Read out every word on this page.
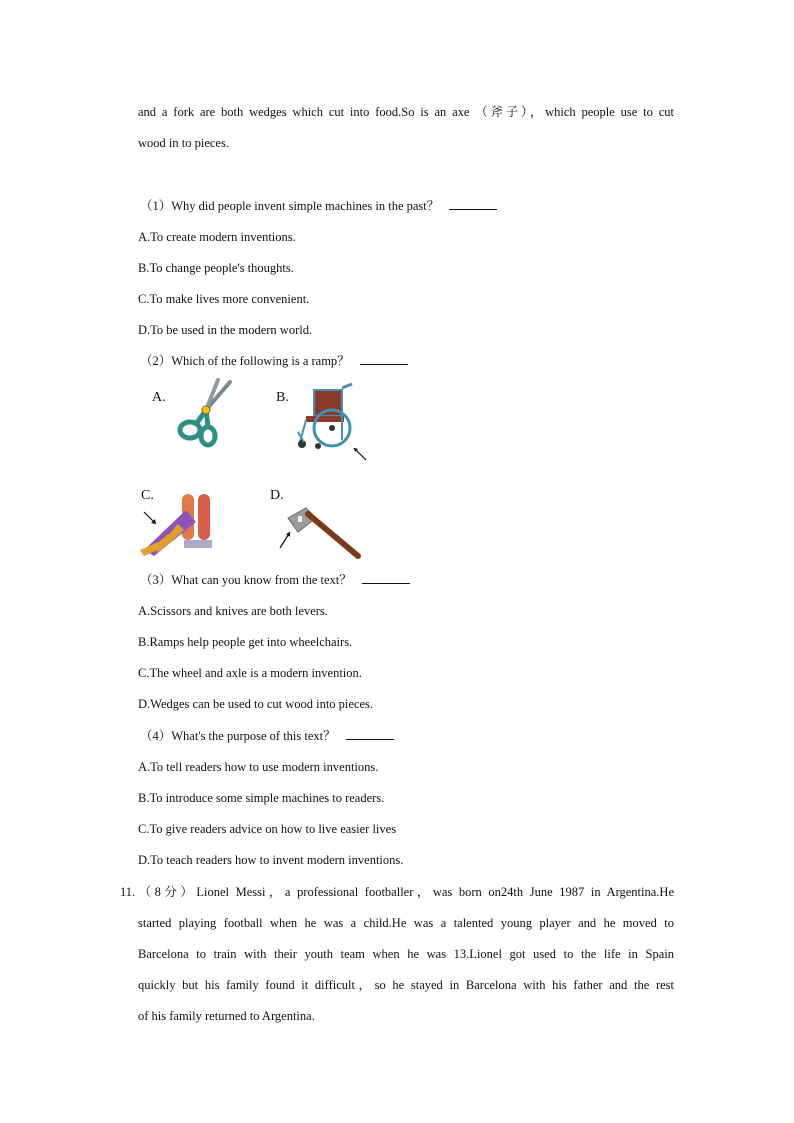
and a fork are both wedges which cut into food.So is an axe （斧子），which people use to cut
wood in to pieces.
（1）Why did people invent simple machines in the past？
A.To create modern inventions.
B.To change people's thoughts.
C.To make lives more convenient.
D.To be used in the modern world.
（2）Which of the following is a ramp？
A.	B.
C.	D.
（3）What can you know from the text？
A.Scissors and knives are both levers.
B.Ramps help people get into wheelchairs.
C.The wheel and axle is a modern invention.
D.Wedges can be used to cut wood into pieces.
（4）What's the purpose of this text？
A.To tell readers how to use modern inventions.
B.To introduce some simple machines to readers.
C.To give readers advice on how to live easier lives
D.To teach readers how to invent modern inventions.
11.（8分）Lionel Messi，a professional footballer，was born on24th June 1987 in Argentina.He
started playing football when he was a child.He was a talented young player and he moved to
Barcelona to train with their youth team when he was 13.Lionel got used to the life in Spain
quickly but his family found it difficult，so he stayed in Barcelona with his father and the rest
of his family returned to Argentina.
